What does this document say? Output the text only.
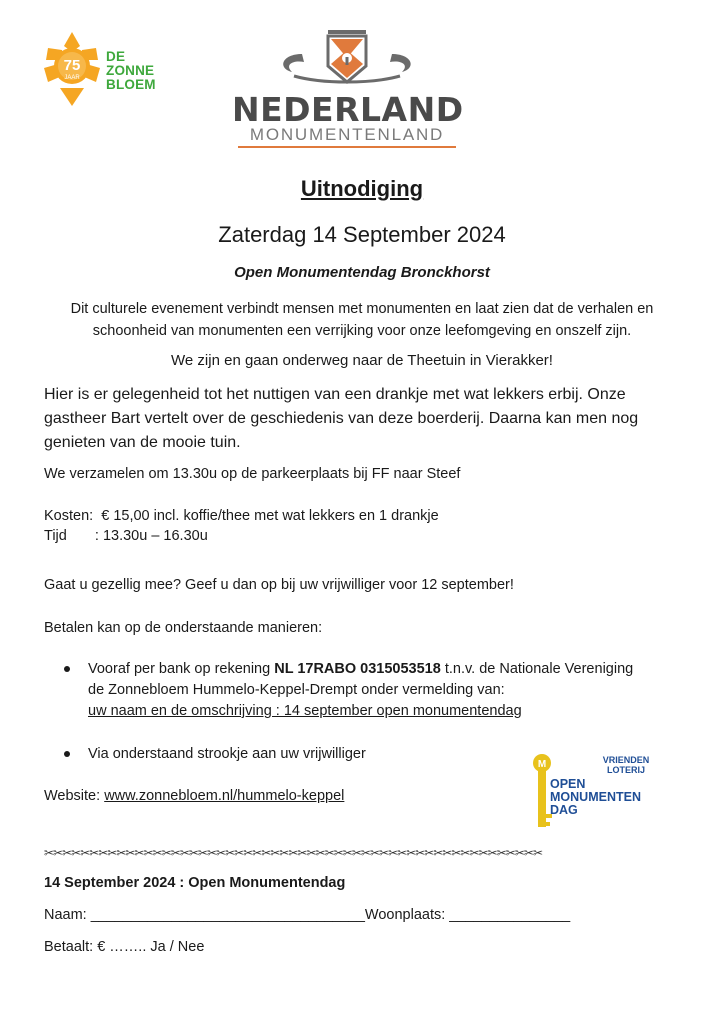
75
JAAR
DE
ZONNE
BLOEM
NEDERLAND
MONUMENTENLAND
Uitnodiging
Zaterdag 14 September 2024
Open Monumentendag Bronckhorst
Dit culturele evenement verbindt mensen met monumenten en laat zien dat de verhalen en
schoonheid van monumenten een verrijking voor onze leefomgeving en onszelf zijn.
We zijn en gaan onderweg naar de Theetuin in Vierakker!
Hier is er gelegenheid tot het nuttigen van een drankje met wat lekkers erbij. Onze
gastheer Bart vertelt over de geschiedenis van deze boerderij. Daarna kan men nog
genieten van de mooie tuin.
We verzamelen om 13.30u op de parkeerplaats bij FF naar Steef
Kosten: € 15,00 incl. koffie/thee met wat lekkers en 1 drankje
Tijd : 13.30u – 16.30u
Gaat u gezellig mee? Geef u dan op bij uw vrijwilliger voor 12 september!
Betalen kan op de onderstaande manieren:
Vooraf per bank op rekening NL 17RABO 0315053518 t.n.v. de Nationale Vereniging
de Zonnebloem Hummelo-Keppel-Drempt onder vermelding van:
uw naam en de omschrijving : 14 september open monumentendag
Via onderstaand strookje aan uw vrijwilliger
Website: www.zonnebloem.nl/hummelo-keppel
M	VRIENDEN
LOTERIJ
OPEN
MONUMENTEN
DAG
✂✂✂✂✂✂✂✂✂✂✂✂✂✂✂✂✂✂✂✂✂✂✂✂✂✂✂✂✂✂✂✂✂✂✂✂✂✂✂✂✂✂✂✂✂✂✂✂✂✂✂✂✂✂✂
14 September 2024 : Open Monumentendag
Naam: __________________________________Woonplaats: _______________
Betaalt: € …….. Ja / Nee
